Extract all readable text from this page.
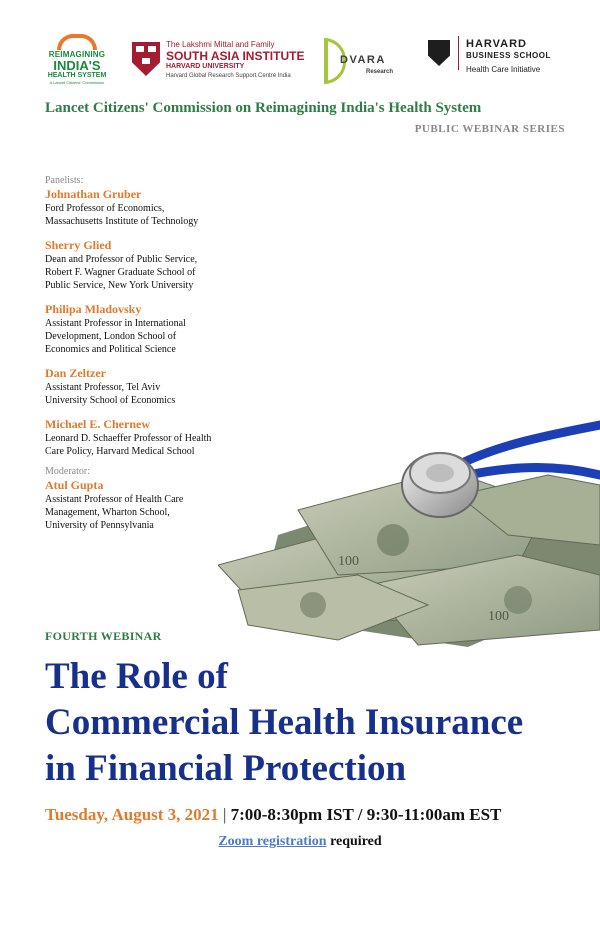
REIMAGINING
INDIA'S
HEALTH SYSTEM
A Lancet Citizens' Commission
The Lakshmi Mittal and Family
SOUTH ASIA INSTITUTE
HARVARD UNIVERSITY
Harvard Global Research Support Centre India
DVARA
Research
HARVARD
BUSINESS SCHOOL
Health Care Initiative
Lancet Citizens' Commission on Reimagining India's Health System
PUBLIC WEBINAR SERIES
Panelists:
Johnathan Gruber
Ford Professor of Economics,
Massachusetts Institute of Technology
Sherry Glied
Dean and Professor of Public Service,
Robert F. Wagner Graduate School of
Public Service, New York University
Philipa Mladovsky
Assistant Professor in International
Development, London School of
Economics and Political Science
Dan Zeltzer
Assistant Professor, Tel Aviv
University School of Economics
Michael E. Chernew
Leonard D. Schaeffer Professor of Health
Care Policy, Harvard Medical School
Moderator:
Atul Gupta
Assistant Professor of Health Care
Management, Wharton School,
University of Pennsylvania
100
100
FOURTH WEBINAR
The Role of
Commercial Health Insurance
in Financial Protection
Tuesday, August 3, 2021 | 7:00-8:30pm IST / 9:30-11:00am EST
Zoom registration required
